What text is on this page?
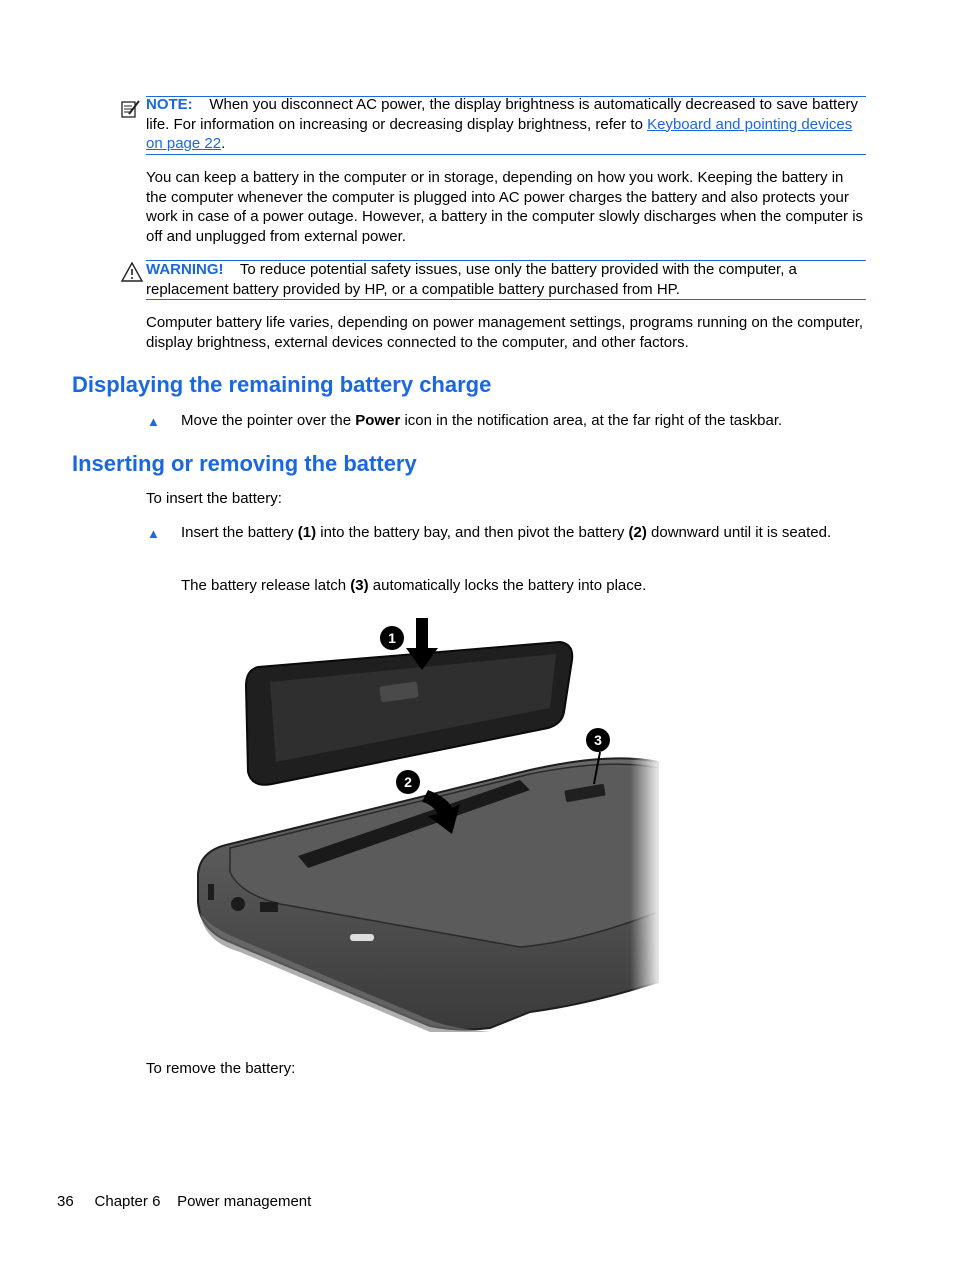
NOTE: When you disconnect AC power, the display brightness is automatically decreased to save battery life. For information on increasing or decreasing display brightness, refer to Keyboard and pointing devices on page 22.

You can keep a battery in the computer or in storage, depending on how you work. Keeping the battery in the computer whenever the computer is plugged into AC power charges the battery and also protects your work in case of a power outage. However, a battery in the computer slowly discharges when the computer is off and unplugged from external power.

WARNING! To reduce potential safety issues, use only the battery provided with the computer, a replacement battery provided by HP, or a compatible battery purchased from HP.

Computer battery life varies, depending on power management settings, programs running on the computer, display brightness, external devices connected to the computer, and other factors.

Displaying the remaining battery charge
▲ Move the pointer over the Power icon in the notification area, at the far right of the taskbar.

Inserting or removing the battery

To insert the battery:

▲ Insert the battery (1) into the battery bay, and then pivot the battery (2) downward until it is seated.

The battery release latch (3) automatically locks the battery into place.

1
2
3

To remove the battery:

36 Chapter 6 Power management
